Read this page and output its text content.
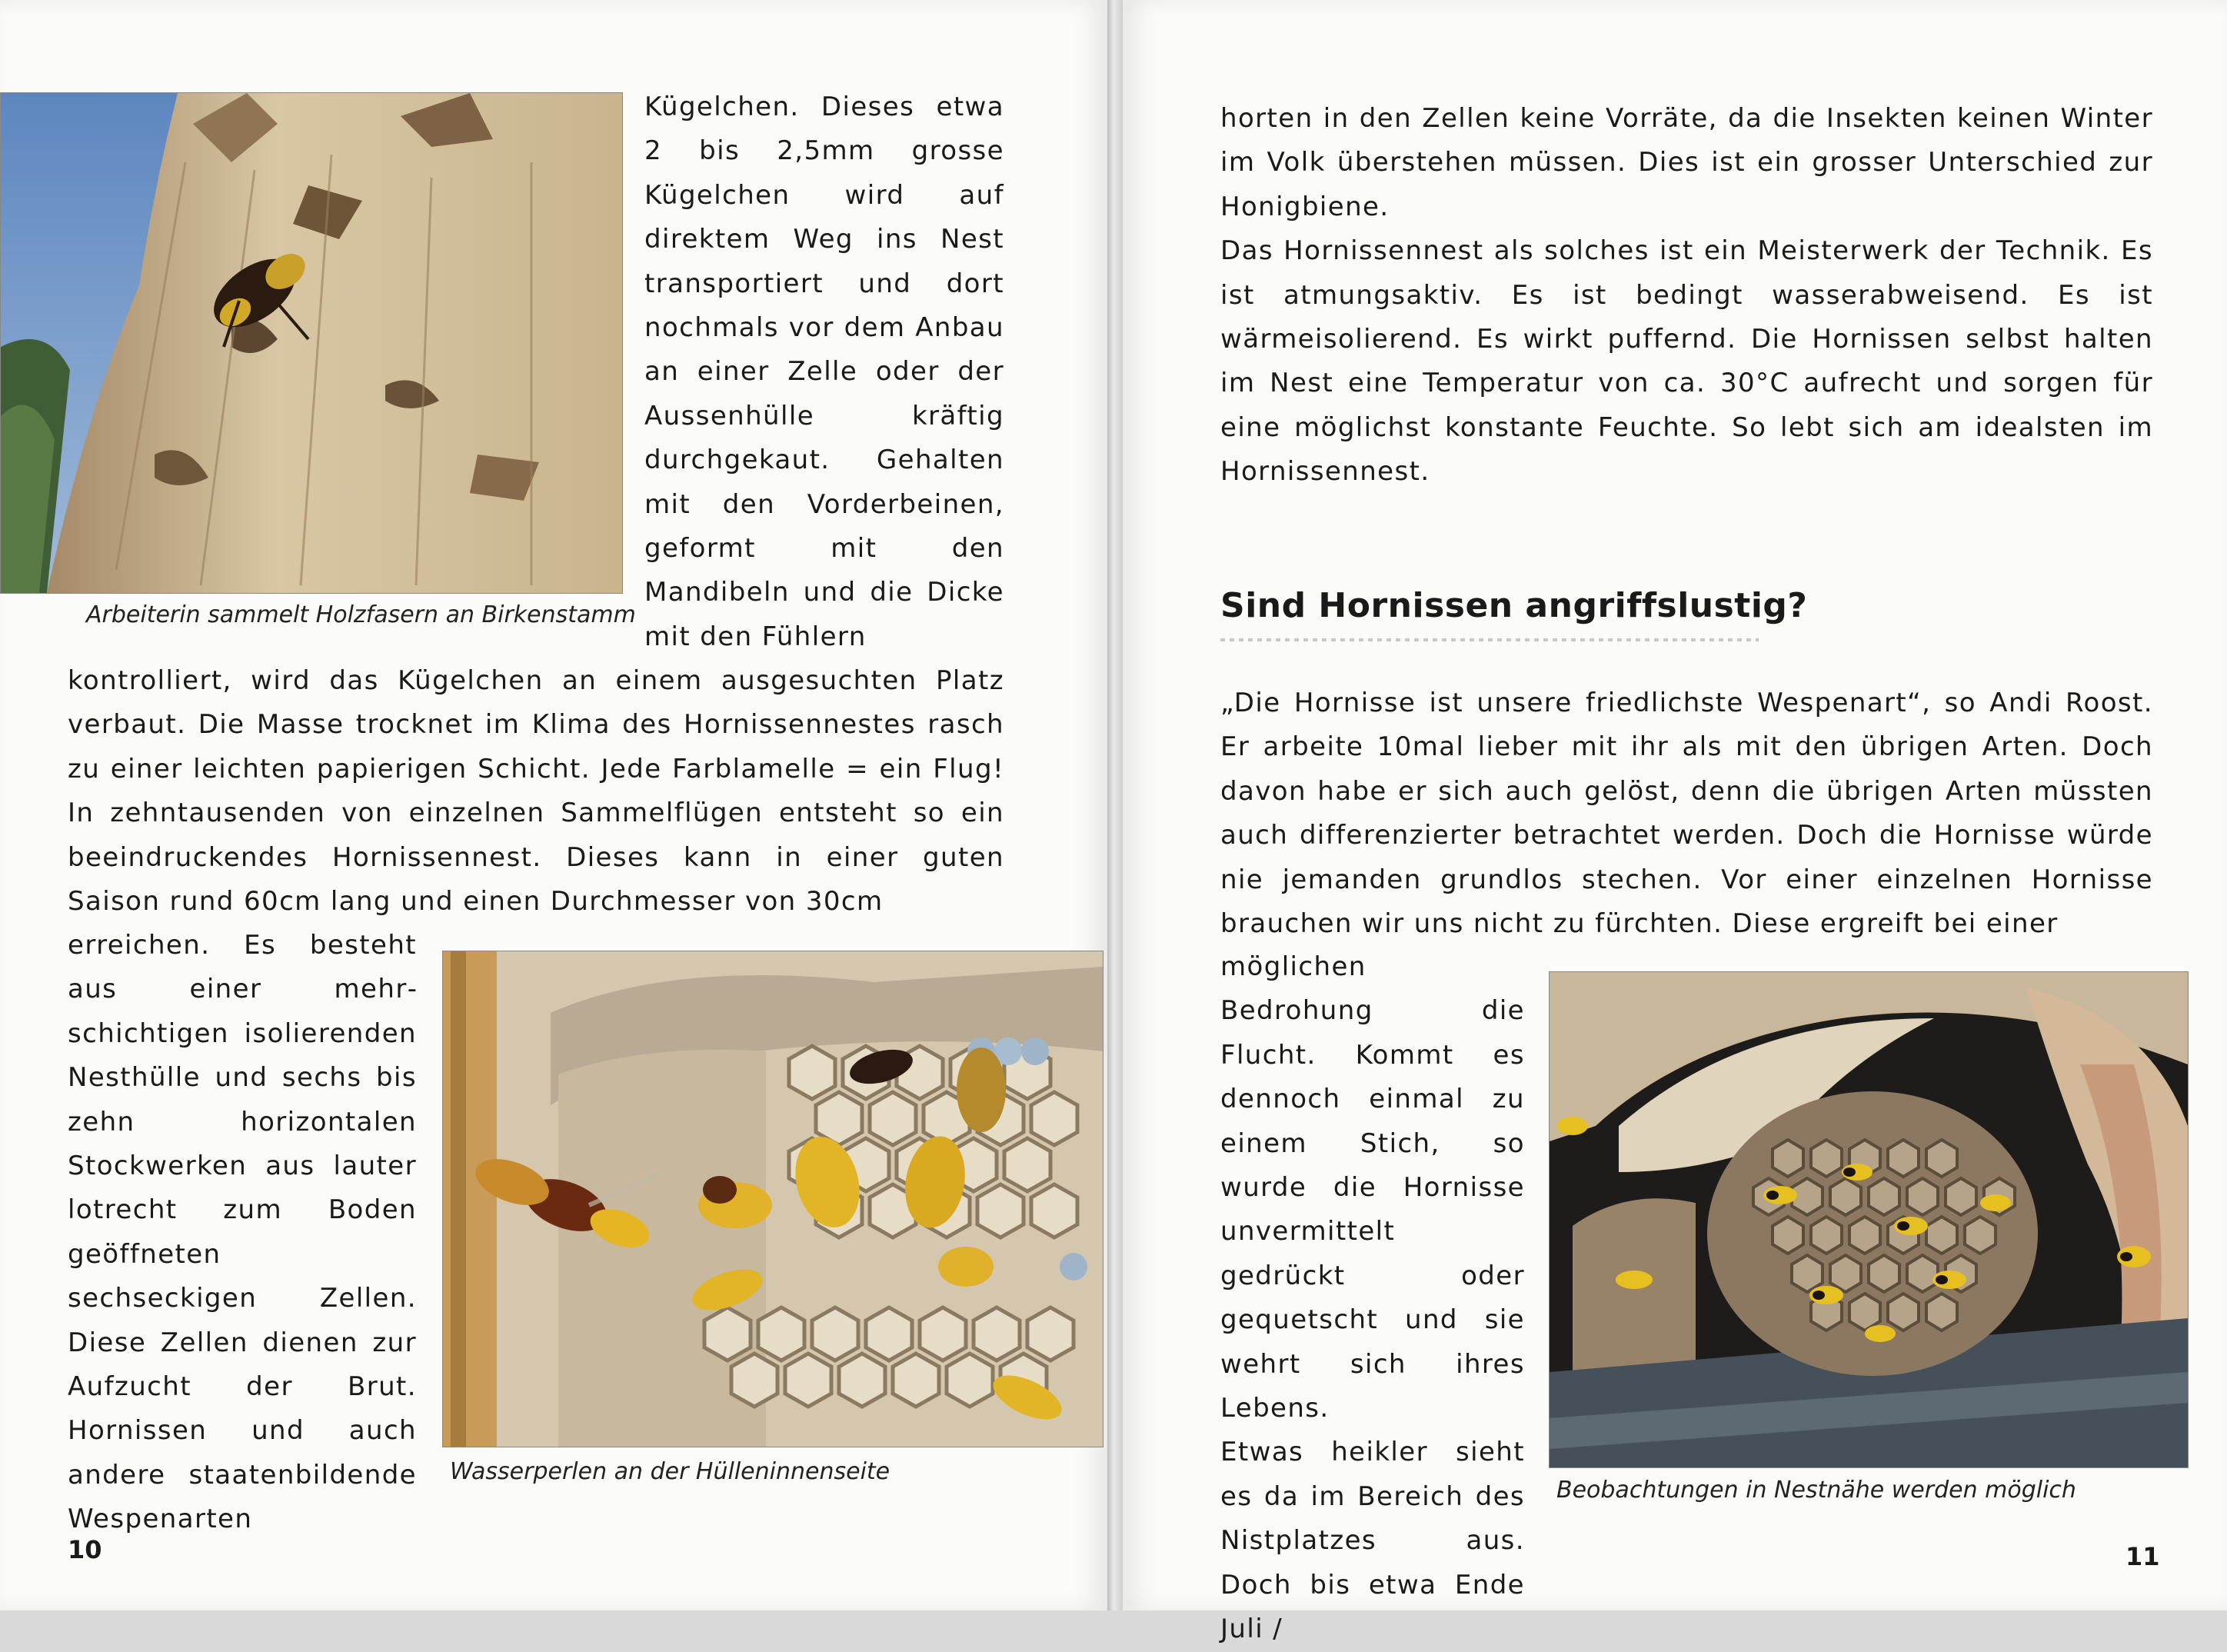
Arbeiterin sammelt Holzfasern an Birkenstamm

Kügelchen. Dieses etwa 2 bis 2,5mm grosse Kügelchen wird auf direktem Weg ins Nest transportiert und dort nochmals vor dem Anbau an einer Zelle oder der Aussenhülle kräftig durchgekaut. Gehalten mit den Vorderbeinen, geformt mit den Mandibeln und die Dicke mit den Fühlern

kontrolliert, wird das Kügelchen an einem ausgesuchten Platz verbaut. Die Masse trocknet im Klima des Hornissennestes rasch zu einer leichten papierigen Schicht. Jede Farblamelle = ein Flug! In zehntausenden von einzelnen Sammelflügen entsteht so ein beeindruckendes Hornissennest. Dieses kann in einer guten Saison rund 60cm lang und einen Durchmesser von 30cm

erreichen. Es besteht aus einer mehrschichtigen isolierenden Nesthülle und sechs bis zehn horizontalen Stockwerken aus lauter lotrecht zum Boden geöffneten sechseckigen Zellen. Diese Zellen dienen zur Aufzucht der Brut. Hornissen und auch andere staatenbildende Wespenarten

Wasserperlen an der Hülleninnenseite
10

horten in den Zellen keine Vorräte, da die Insekten keinen Winter im Volk überstehen müssen. Dies ist ein grosser Unterschied zur Honigbiene.

Das Hornissennest als solches ist ein Meisterwerk der Technik. Es ist atmungsaktiv. Es ist bedingt wasserabweisend. Es ist wärmeisolierend. Es wirkt puffernd. Die Hornissen selbst halten im Nest eine Temperatur von ca. 30°C aufrecht und sorgen für eine möglichst konstante Feuchte. So lebt sich am idealsten im Hornissennest.

Sind Hornissen angriffslustig?

„Die Hornisse ist unsere friedlichste Wespenart“, so Andi Roost. Er arbeite 10mal lieber mit ihr als mit den übrigen Arten. Doch davon habe er sich auch gelöst, denn die übrigen Arten müssten auch differenzierter betrachtet werden. Doch die Hornisse würde nie jemanden grundlos stechen. Vor einer einzelnen Hornisse brauchen wir uns nicht zu fürchten. Diese ergreift bei einer

möglichen Bedrohung die Flucht. Kommt es dennoch einmal zu einem Stich, so wurde die Hornisse unvermittelt gedrückt oder gequetscht und sie wehrt sich ihres Lebens.

Etwas heikler sieht es da im Bereich des Nistplatzes aus. Doch bis etwa Ende Juli /

Beobachtungen in Nestnähe werden möglich
11
